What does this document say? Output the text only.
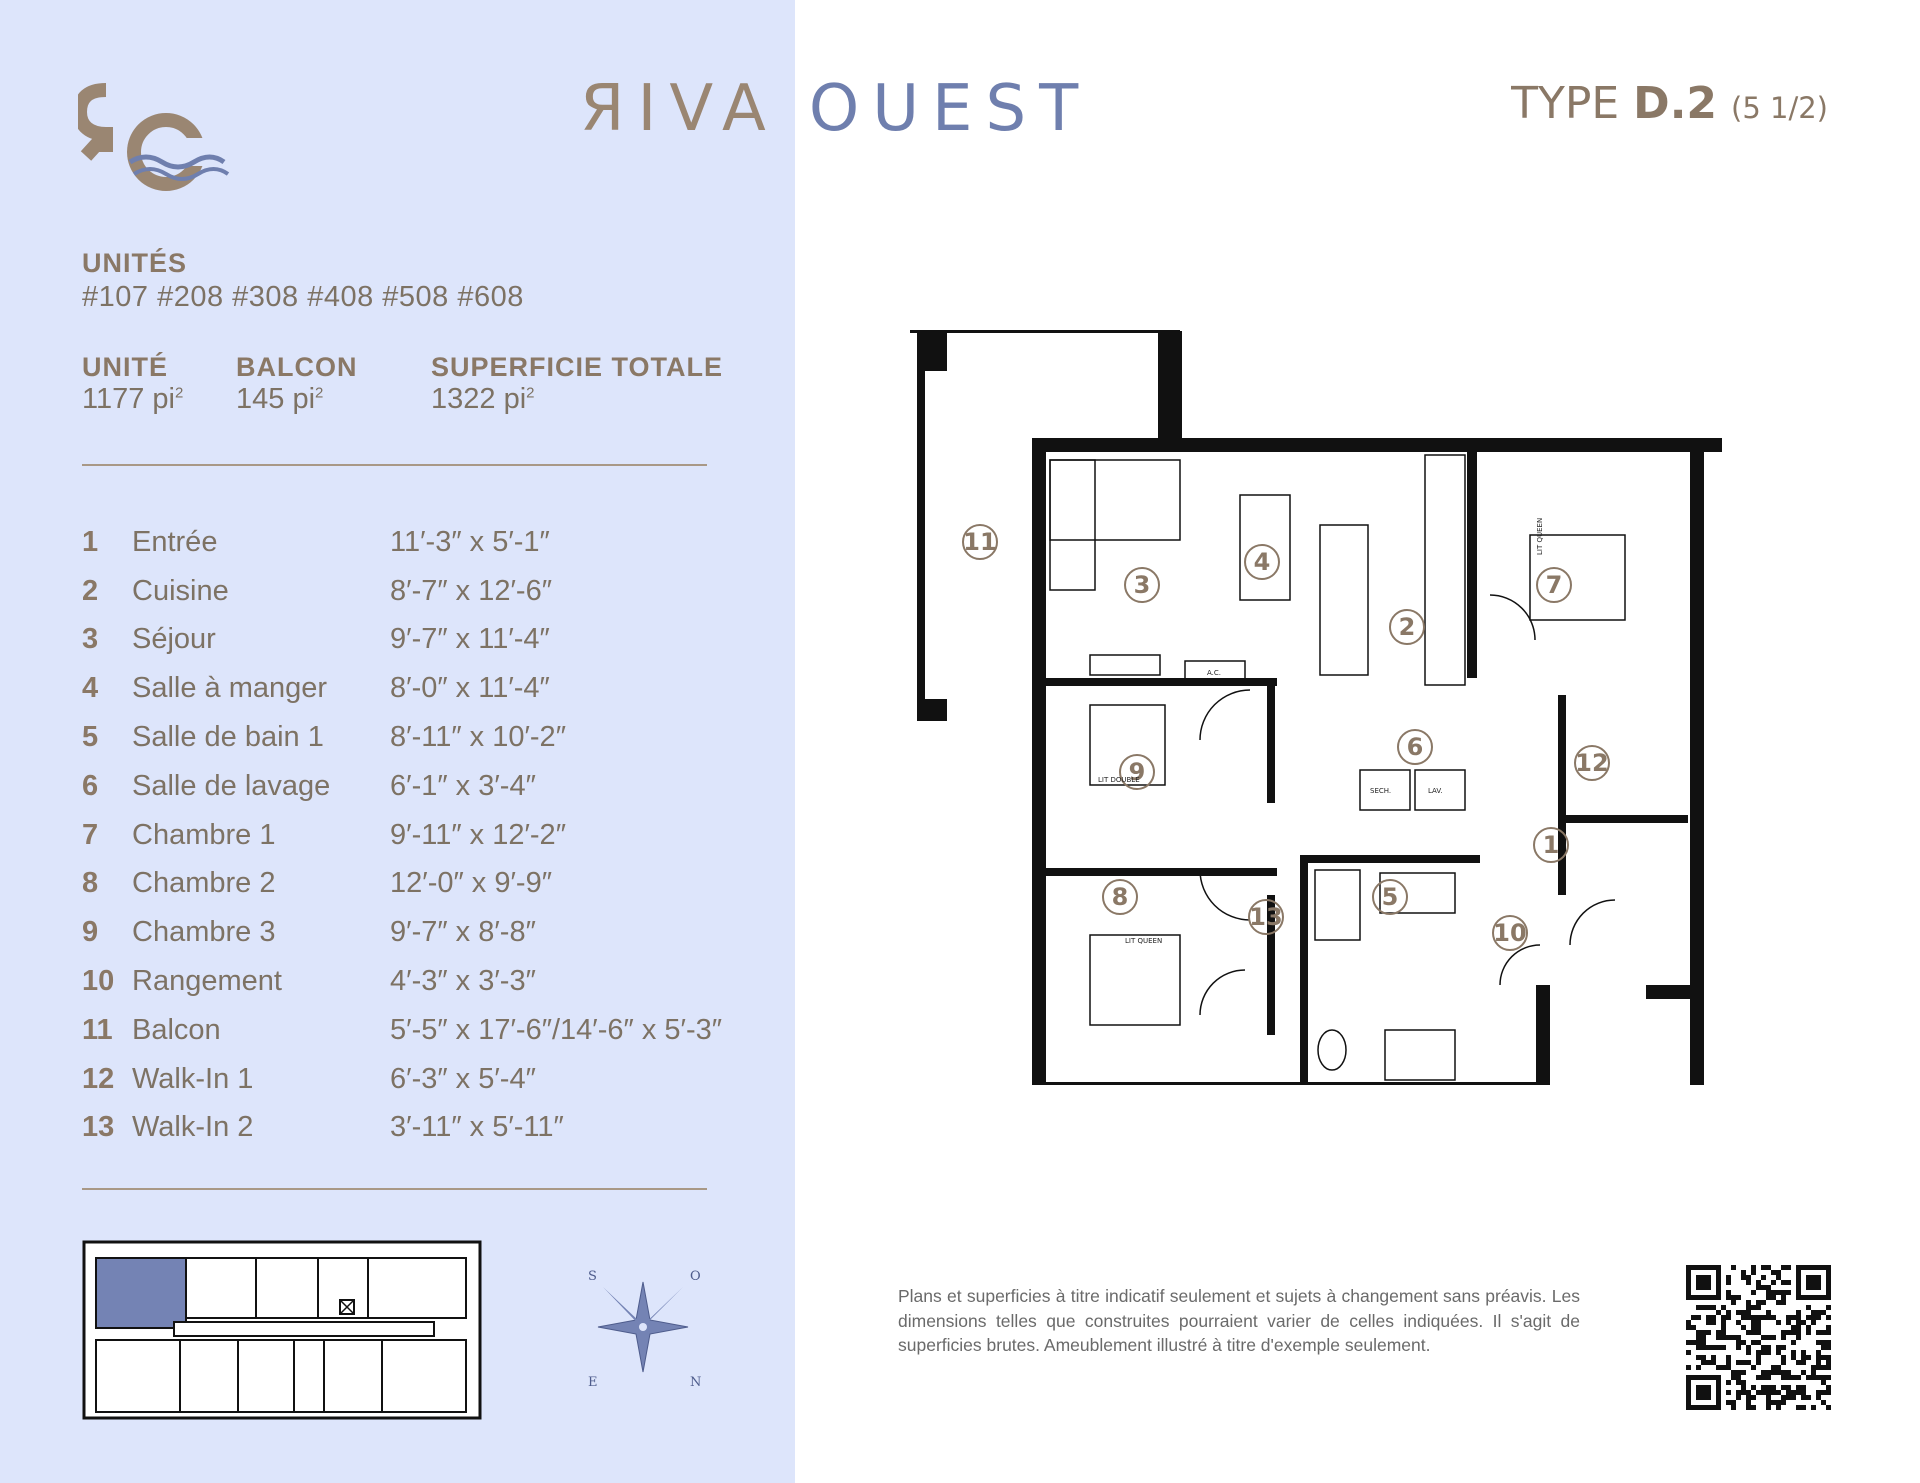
ЯIVA OUEST	TYPE D.2 (5 1/2)
UNITÉS
#107 #208 #308 #408 #508 #608
UNITÉ
1177 $pi^2$
BALCON
145 $pi^2$
SUPERFICIE TOTALE
1322 $pi^2$
1	Entrée	11′-3″ x 5′-1″
2	Cuisine	8′-7″ x 12′-6″
3	Séjour	9′-7″ x 11′-4″
4	Salle à manger	8′-0″ x 11′-4″
5	Salle de bain 1	8′-11″ x 10′-2″
6	Salle de lavage	6′-1″ x 3′-4″
7	Chambre 1	9′-11″ x 12′-2″
8	Chambre 2	12′-0″ x 9′-9″
9	Chambre 3	9′-7″ x 8′-8″
10 Rangement	4′-3″ x 3′-3″
11 Balcon	5′-5″ x 17′-6″/14′-6″ x 5′-3″
12 Walk-In 1	6′-3″ x 5′-4″
13 Walk-In 2	3′-11″ x 5′-11″
S	O
E	N
11
3
4
2
7
6
12
9
1
5
8
13
10
LIT DOUBLE
LIT QUEEN
LIT QUEEN
A.C.
SECH.	LAV.
Plans et superficies à titre indicatif seulement et sujets à changement sans préavis. Les dimensions telles que construites pourraient varier de celles indiquées. Il s'agit de superficies brutes. Ameublement illustré à titre d'exemple seulement.
